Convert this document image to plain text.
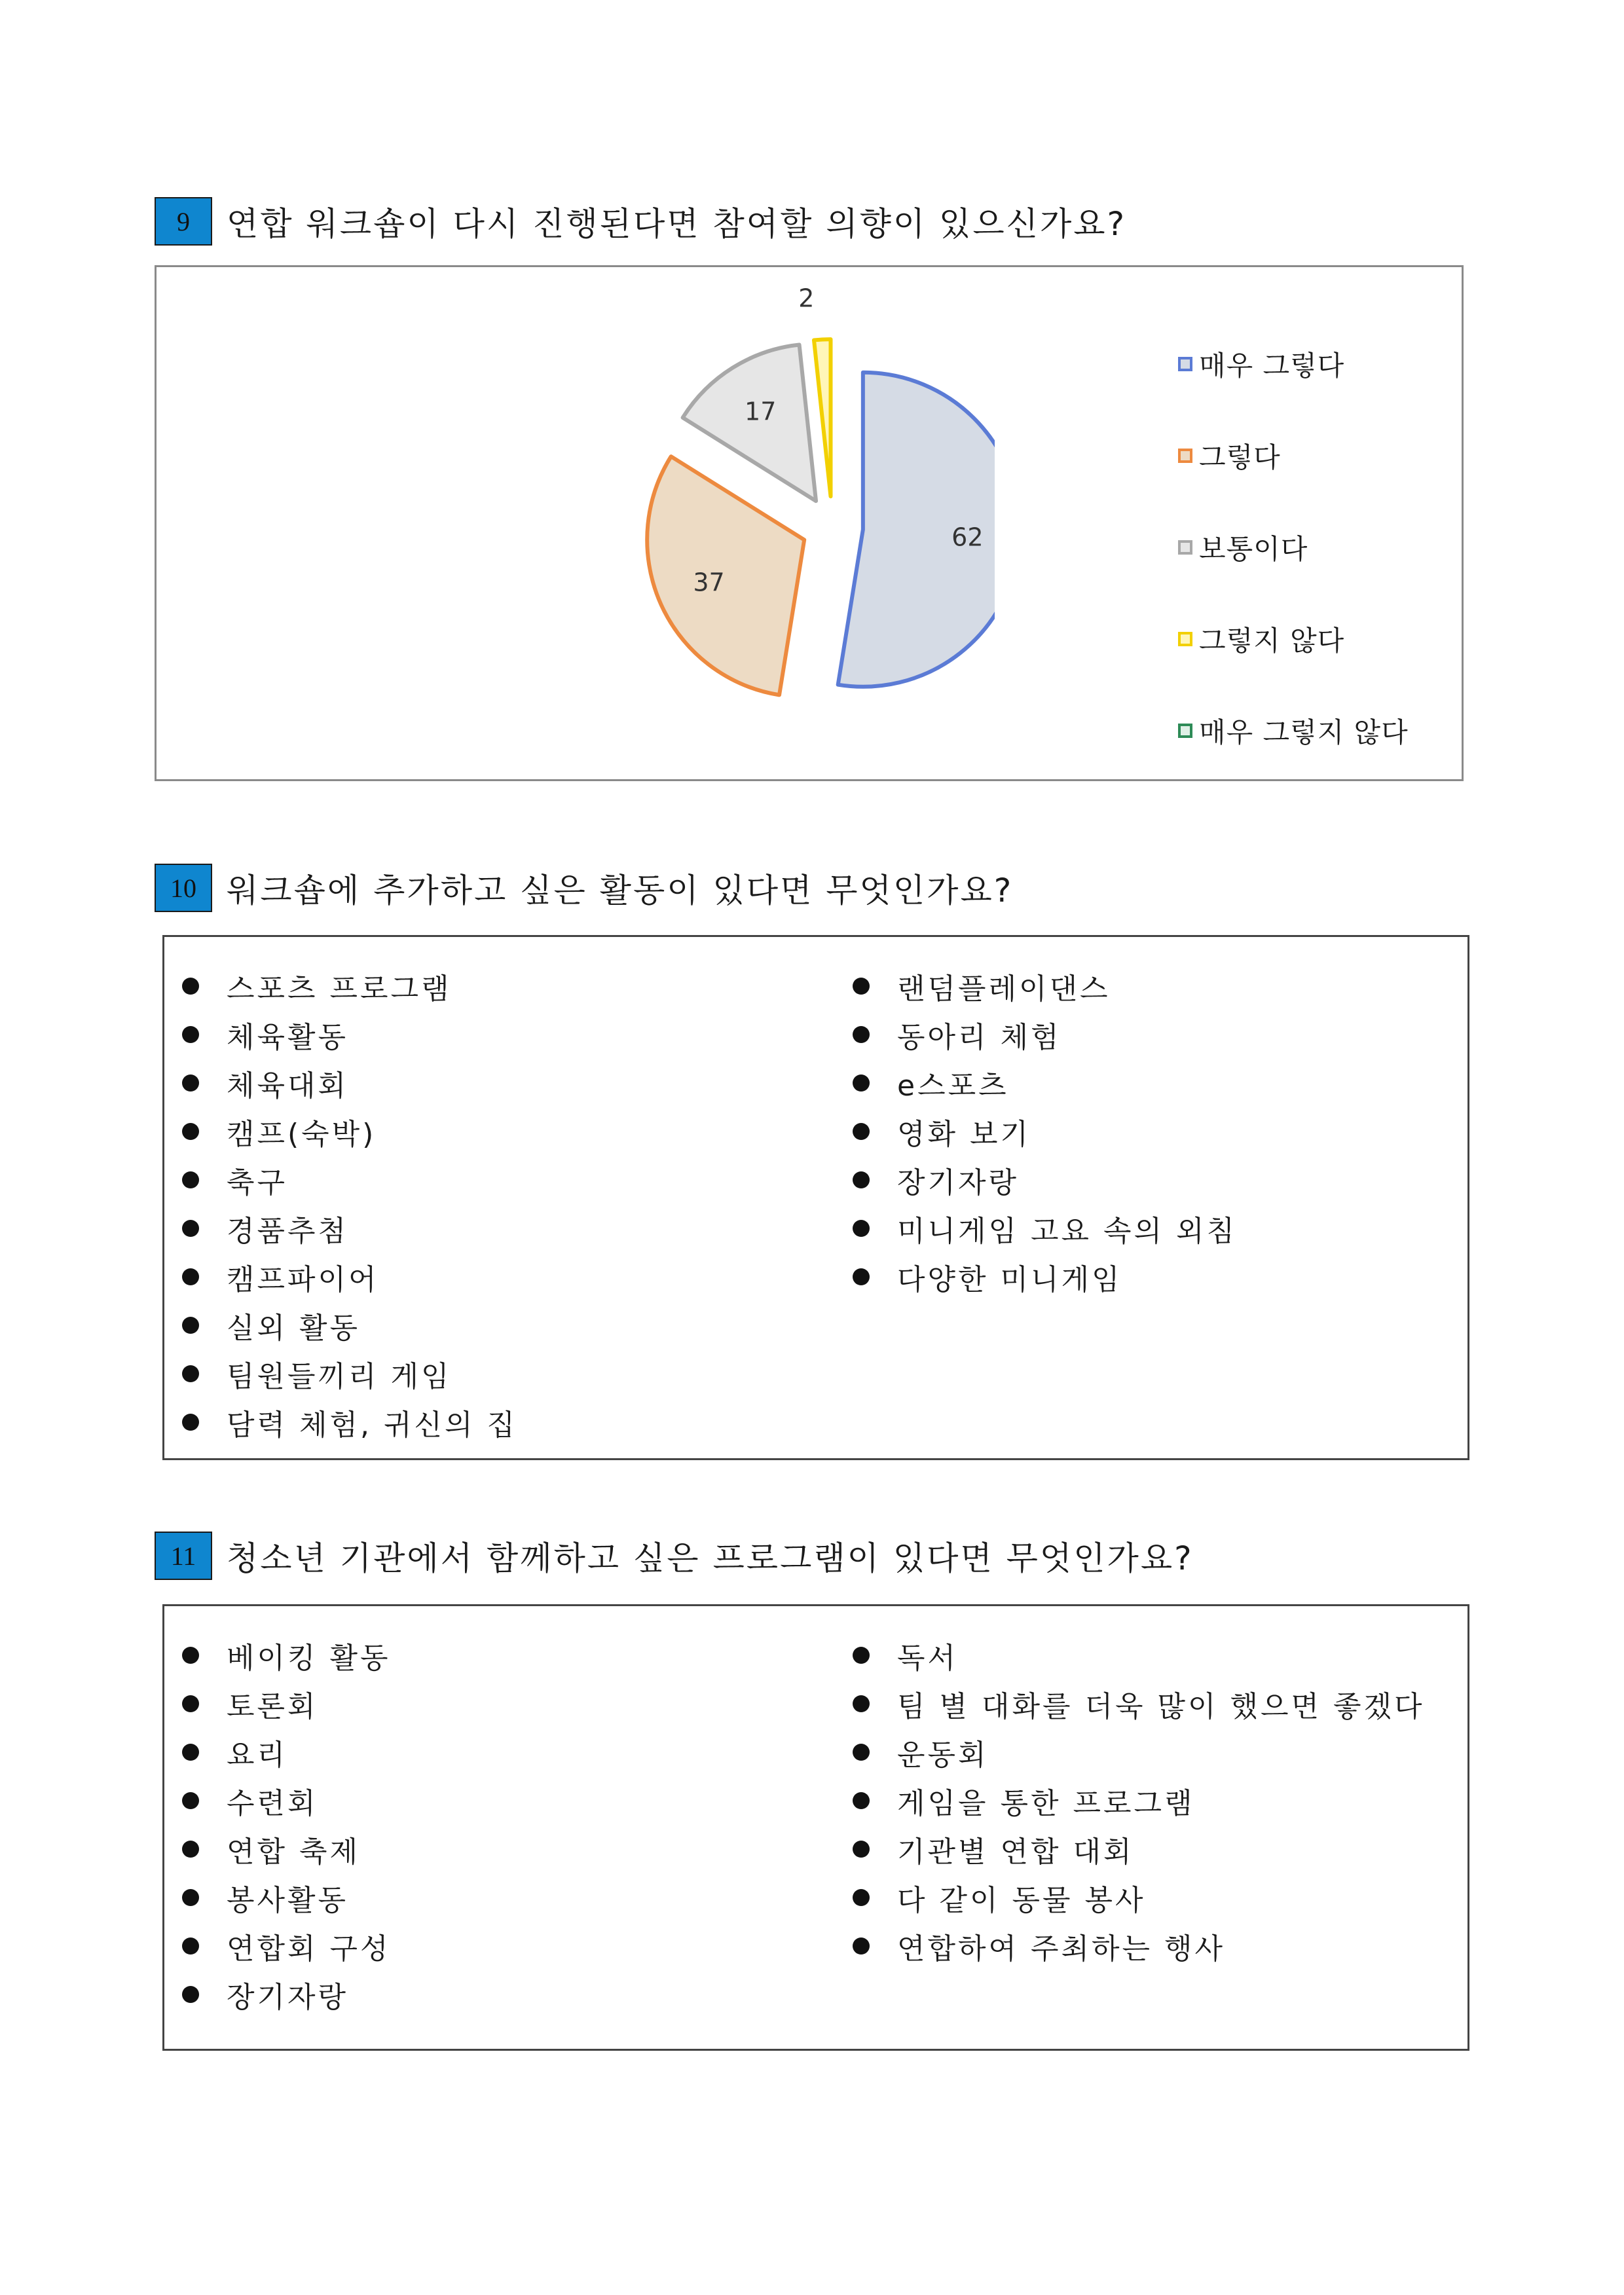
9	연합 워크숍이 다시 진행된다면 참여할 의향이 있으신가요?
62
37
17
2
매우 그렇다
그렇다
보통이다
그렇지 않다
매우 그렇지 않다
10 워크숍에 추가하고 싶은 활동이 있다면 무엇인가요?
스포츠 프로그램
체육활동
체육대회
캠프(숙박)
축구
경품추첨
캠프파이어
실외 활동
팀원들끼리 게임
담력 체험, 귀신의 집
랜덤플레이댄스
동아리 체험
e스포츠
영화 보기
장기자랑
미니게임 고요 속의 외침
다양한 미니게임
11 청소년 기관에서 함께하고 싶은 프로그램이 있다면 무엇인가요?
베이킹 활동
토론회
요리
수련회
연합 축제
봉사활동
연합회 구성
장기자랑
독서
팀 별 대화를 더욱 많이 했으면 좋겠다
운동회
게임을 통한 프로그램
기관별 연합 대회
다 같이 동물 봉사
연합하여 주최하는 행사
